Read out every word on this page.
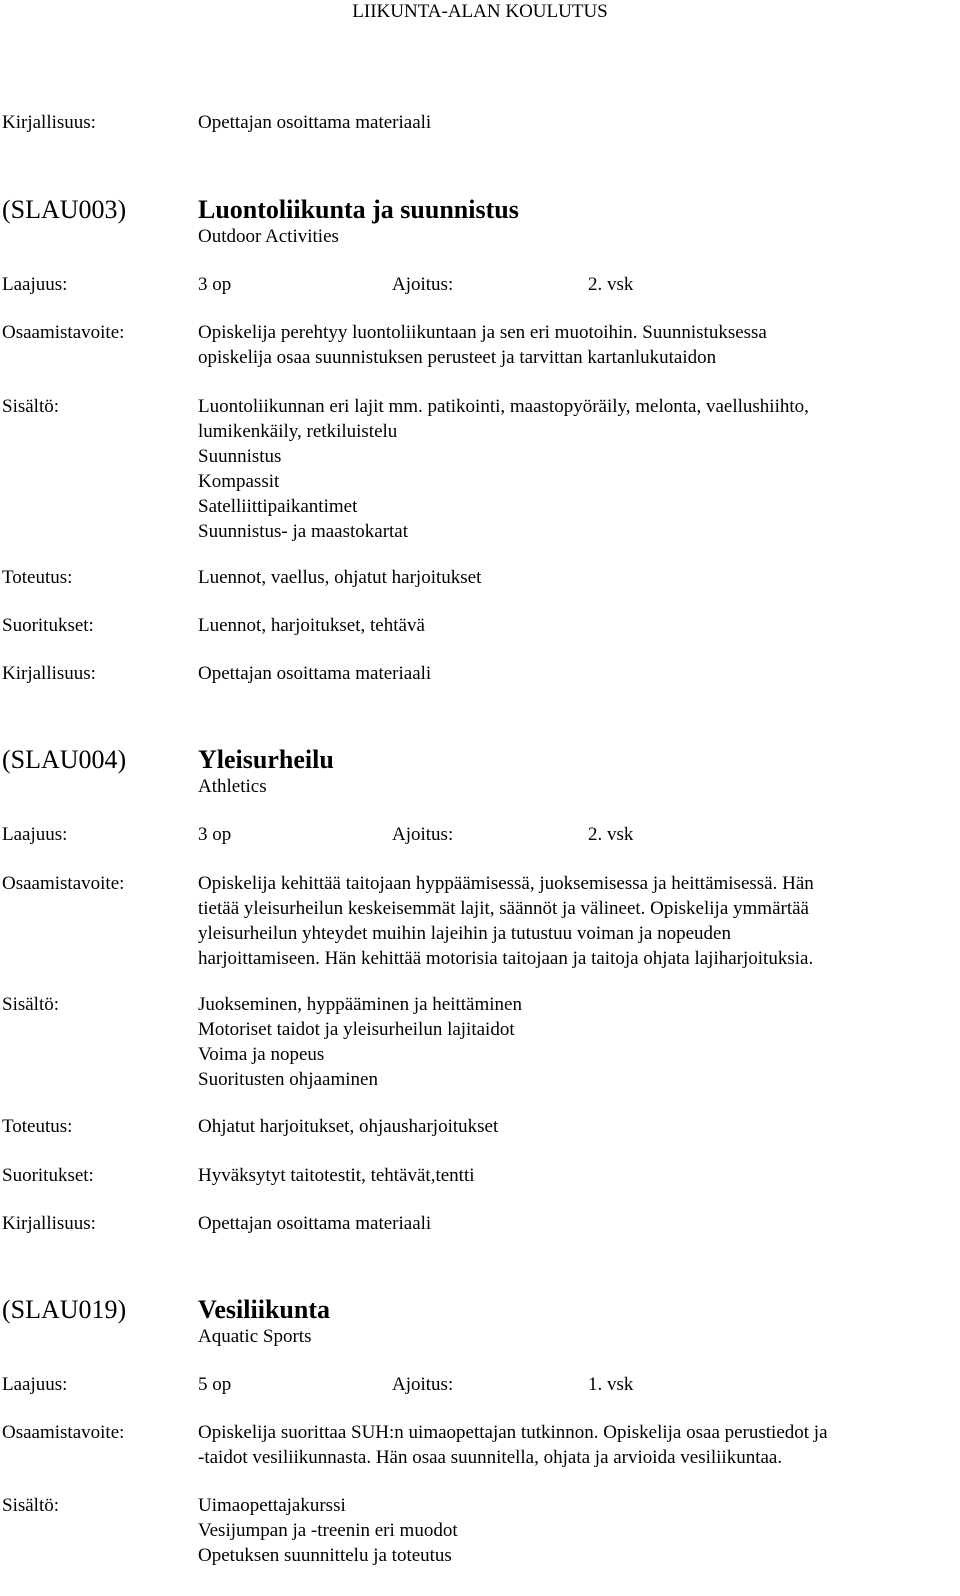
LIIKUNTA-ALAN KOULUTUS
Kirjallisuus:	Opettajan osoittama materiaali
(SLAU003)	Luontoliikunta ja suunnistus
Outdoor Activities
Laajuus:	3 op	Ajoitus:	2. vsk
Osaamistavoite:	Opiskelija perehtyy luontoliikuntaan ja sen eri muotoihin. Suunnistuksessa
opiskelija osaa suunnistuksen perusteet ja tarvittan kartanlukutaidon
Sisältö:	Luontoliikunnan eri lajit mm. patikointi, maastopyöräily, melonta, vaellushiihto,
lumikenkäily, retkiluistelu
Suunnistus
Kompassit
Satelliittipaikantimet
Suunnistus- ja maastokartat
Toteutus:	Luennot, vaellus, ohjatut harjoitukset
Suoritukset:	Luennot, harjoitukset, tehtävä
Kirjallisuus:	Opettajan osoittama materiaali
(SLAU004)	Yleisurheilu
Athletics
Laajuus:	3 op	Ajoitus:	2. vsk
Osaamistavoite:	Opiskelija kehittää taitojaan hyppäämisessä, juoksemisessa ja heittämisessä. Hän
tietää yleisurheilun keskeisemmät lajit, säännöt ja välineet. Opiskelija ymmärtää
yleisurheilun yhteydet muihin lajeihin ja tutustuu voiman ja nopeuden
harjoittamiseen. Hän kehittää motorisia taitojaan ja taitoja ohjata lajiharjoituksia.
Sisältö:	Juokseminen, hyppääminen ja heittäminen
Motoriset taidot ja yleisurheilun lajitaidot
Voima ja nopeus
Suoritusten ohjaaminen
Toteutus:	Ohjatut harjoitukset, ohjausharjoitukset
Suoritukset:	Hyväksytyt taitotestit, tehtävät,tentti
Kirjallisuus:	Opettajan osoittama materiaali
(SLAU019)	Vesiliikunta
Aquatic Sports
Laajuus:	5 op	Ajoitus:	1. vsk
Osaamistavoite:	Opiskelija suorittaa SUH:n uimaopettajan tutkinnon. Opiskelija osaa perustiedot ja
-taidot vesiliikunnasta. Hän osaa suunnitella, ohjata ja arvioida vesiliikuntaa.
Sisältö:	Uimaopettajakurssi
Vesijumpan ja -treenin eri muodot
Opetuksen suunnittelu ja toteutus
